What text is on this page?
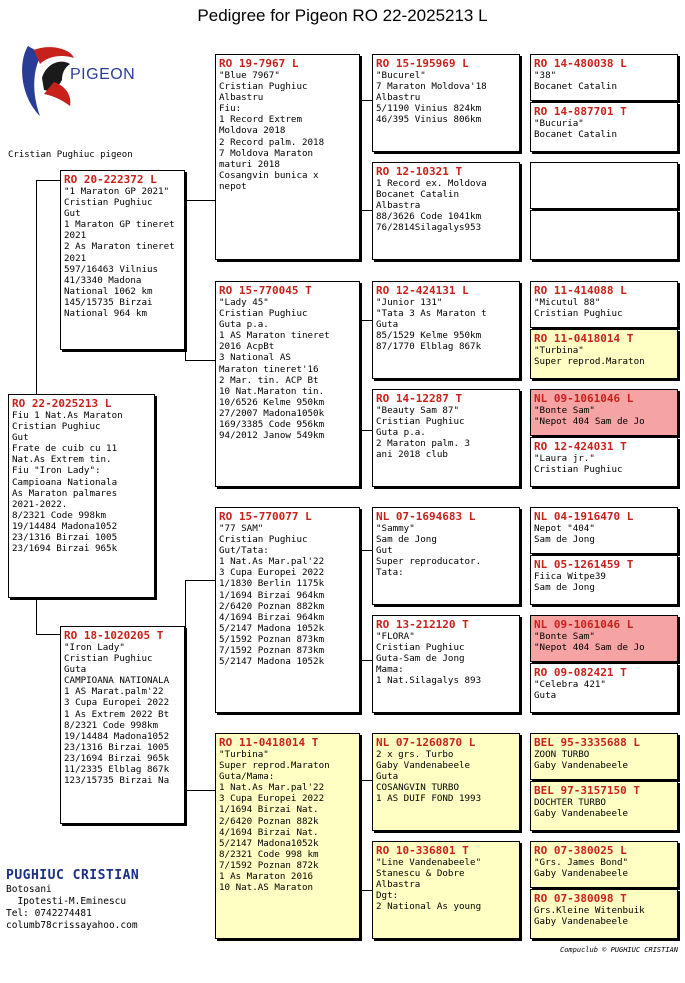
Pedigree for Pigeon RO 22-2025213 L
PIGEON
Cristian Pughiuc pigeon
RO 22-2025213 L
Fiu 1 Nat.As Maraton
Cristian Pughiuc
Gut
Frate de cuib cu 11
Nat.As Extrem tin.
Fiu "Iron Lady":
Campioana Nationala
As Maraton palmares
2021-2022.
8/2321 Code 998km
19/14484 Madona1052
23/1316 Birzai 1005
23/1694 Birzai 965k
RO 20-222372 L
"1 Maraton GP 2021"
Cristian Pughiuc
Gut
1 Maraton GP tineret
2021
2 As Maraton tineret
2021
597/16463 Vilnius
41/3340 Madona
National 1062 km
145/15735 Birzai
National 964 km
RO 18-1020205 T
"Iron Lady"
Cristian Pughiuc
Guta
CAMPIOANA NATIONALA
1 AS Marat.palm'22
3 Cupa Europei 2022
1 As Extrem 2022 Bt
8/2321 Code 998km
19/14484 Madona1052
23/1316 Birzai 1005
23/1694 Birzai 965k
11/2335 Elblag 867k
123/15735 Birzai Na
RO 19-7967 L
"Blue 7967"
Cristian Pughiuc
Albastru
Fiu:
1 Record Extrem
Moldova 2018
2 Record palm. 2018
7 Moldova Maraton
maturi 2018
Cosangvin bunica x
nepot
RO 15-770045 T
"Lady 45"
Cristian Pughiuc
Guta p.a.
1 AS Maraton tineret
2016 AcpBt
3 National AS
Maraton tineret'16
2 Mar. tin. ACP Bt
10 Nat.Maraton tin.
10/6526 Kelme 950km
27/2007 Madona1050k
169/3385 Code 956km
94/2012 Janow 549km
RO 15-770077 L
"77 SAM"
Cristian Pughiuc
Gut/Tata:
1 Nat.As Mar.pal'22
3 Cupa Europei 2022
1/1830 Berlin 1175k
1/1694 Birzai 964km
2/6420 Poznan 882km
4/1694 Birzai 964km
5/2147 Madona 1052k
5/1592 Poznan 873km
7/1592 Poznan 873km
5/2147 Madona 1052k
RO 11-0418014 T
"Turbina"
Super reprod.Maraton
Guta/Mama:
1 Nat.As Mar.pal'22
3 Cupa Europei 2022
1/1694 Birzai Nat.
2/6420 Poznan 882k
4/1694 Birzai Nat.
5/2147 Madona1052k
8/2321 Code 998 km
7/1592 Poznan 872k
1 As Maraton 2016
10 Nat.AS Maraton
RO 15-195969 L
"Bucurel"
7 Maraton Moldova'18
Albastru
5/1190 Vinius 824km
46/395 Vinius 806km
RO 12-10321 T
1 Record ex. Moldova
Bocanet Catalin
Albastra
88/3626 Code 1041km
76/2814Silagalys953
RO 12-424131 L
"Junior 131"
"Tata 3 As Maraton t
Guta
85/1529 Kelme 950km
87/1770 Elblag 867k
RO 14-12287 T
"Beauty Sam 87"
Cristian Pughiuc
Guta p.a.
2 Maraton palm. 3
ani 2018 club
NL 07-1694683 L
"Sammy"
Sam de Jong
Gut
Super reproducator.
Tata:
RO 13-212120 T
"FLORA"
Cristian Pughiuc
Guta-Sam de Jong
Mama:
1 Nat.Silagalys 893
NL 07-1260870 L
2 x grs. Turbo
Gaby Vandenabeele
Guta
COSANGVIN TURBO
1 AS DUIF FOND 1993
RO 10-336801 T
"Line Vandenabeele"
Stanescu & Dobre
Albastra
Dgt:
2 National As young
RO 14-480038 L
"38"
Bocanet Catalin
RO 14-887701 T
"Bucuria"
Bocanet Catalin
RO 11-414088 L
"Micutul 88"
Cristian Pughiuc
RO 11-0418014 T
"Turbina"
Super reprod.Maraton
NL 09-1061046 L
"Bonte Sam"
"Nepot 404 Sam de Jo
RO 12-424031 T
"Laura jr."
Cristian Pughiuc
NL 04-1916470 L
Nepot "404"
Sam de Jong
NL 05-1261459 T
Fiica Witpe39
Sam de Jong
NL 09-1061046 L
"Bonte Sam"
"Nepot 404 Sam de Jo
RO 09-082421 T
"Celebra 421"
Guta
BEL 95-3335688 L
ZOON TURBO
Gaby Vandenabeele
BEL 97-3157150 T
DOCHTER TURBO
Gaby Vandenabeele
RO 07-380025 L
"Grs. James Bond"
Gaby Vandenabeele
RO 07-380098 T
Grs.Kleine Witenbuik
Gaby Vandenabeele
PUGHIUC CRISTIAN
Botosani
Ipotesti-M.Eminescu
Tel: 0742274481
columb78crissayahoo.com
Compuclub © PUGHIUC CRISTIAN
